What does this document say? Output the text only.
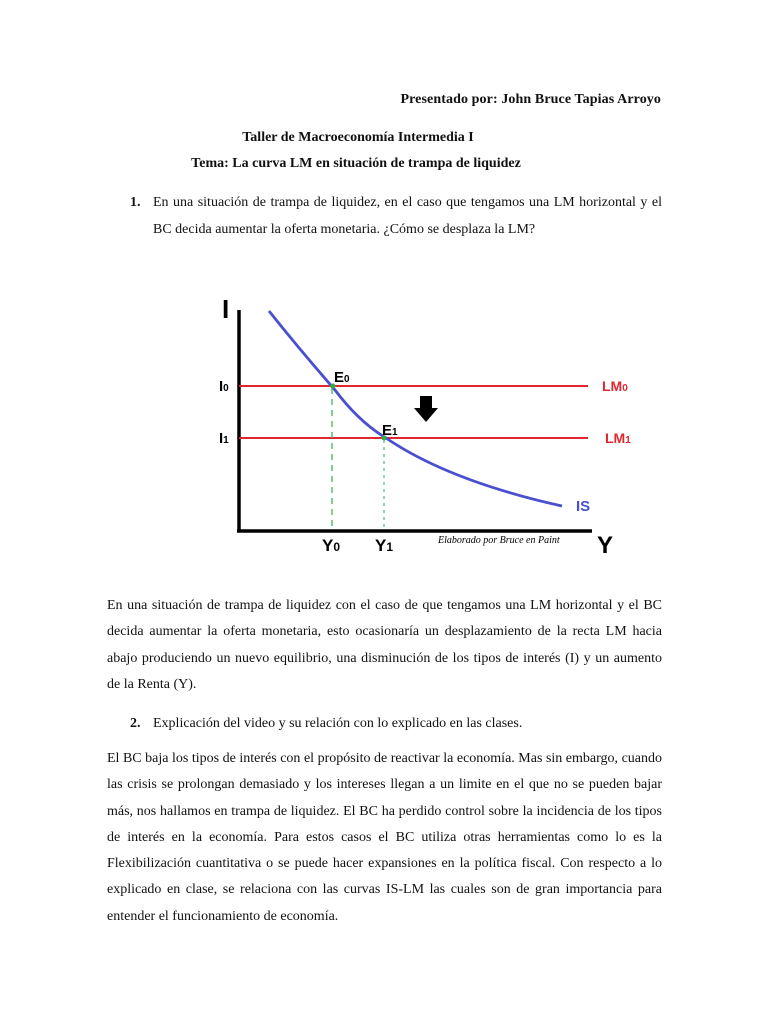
Presentado por: John Bruce Tapias Arroyo
Taller de Macroeconomía Intermedia I
Tema: La curva LM en situación de trampa de liquidez
1. En una situación de trampa de liquidez, en el caso que tengamos una LM horizontal y el BC decida aumentar la oferta monetaria. ¿Cómo se desplaza la LM?
I
Y
I0
I1
LM0
LM1
IS
E0
E1
Y0 Y1	Elaborado por Bruce en Paint
En una situación de trampa de liquidez con el caso de que tengamos una LM horizontal y el BC decida aumentar la oferta monetaria, esto ocasionaría un desplazamiento de la recta LM hacia abajo produciendo un nuevo equilibrio, una disminución de los tipos de interés (I) y un aumento de la Renta (Y).
2. Explicación del video y su relación con lo explicado en las clases.
El BC baja los tipos de interés con el propósito de reactivar la economía. Mas sin embargo, cuando las crisis se prolongan demasiado y los intereses llegan a un limite en el que no se pueden bajar más, nos hallamos en trampa de liquidez. El BC ha perdido control sobre la incidencia de los tipos de interés en la economía. Para estos casos el BC utiliza otras herramientas como lo es la Flexibilización cuantitativa o se puede hacer expansiones en la política fiscal. Con respecto a lo explicado en clase, se relaciona con las curvas IS-LM las cuales son de gran importancia para entender el funcionamiento de economía.
